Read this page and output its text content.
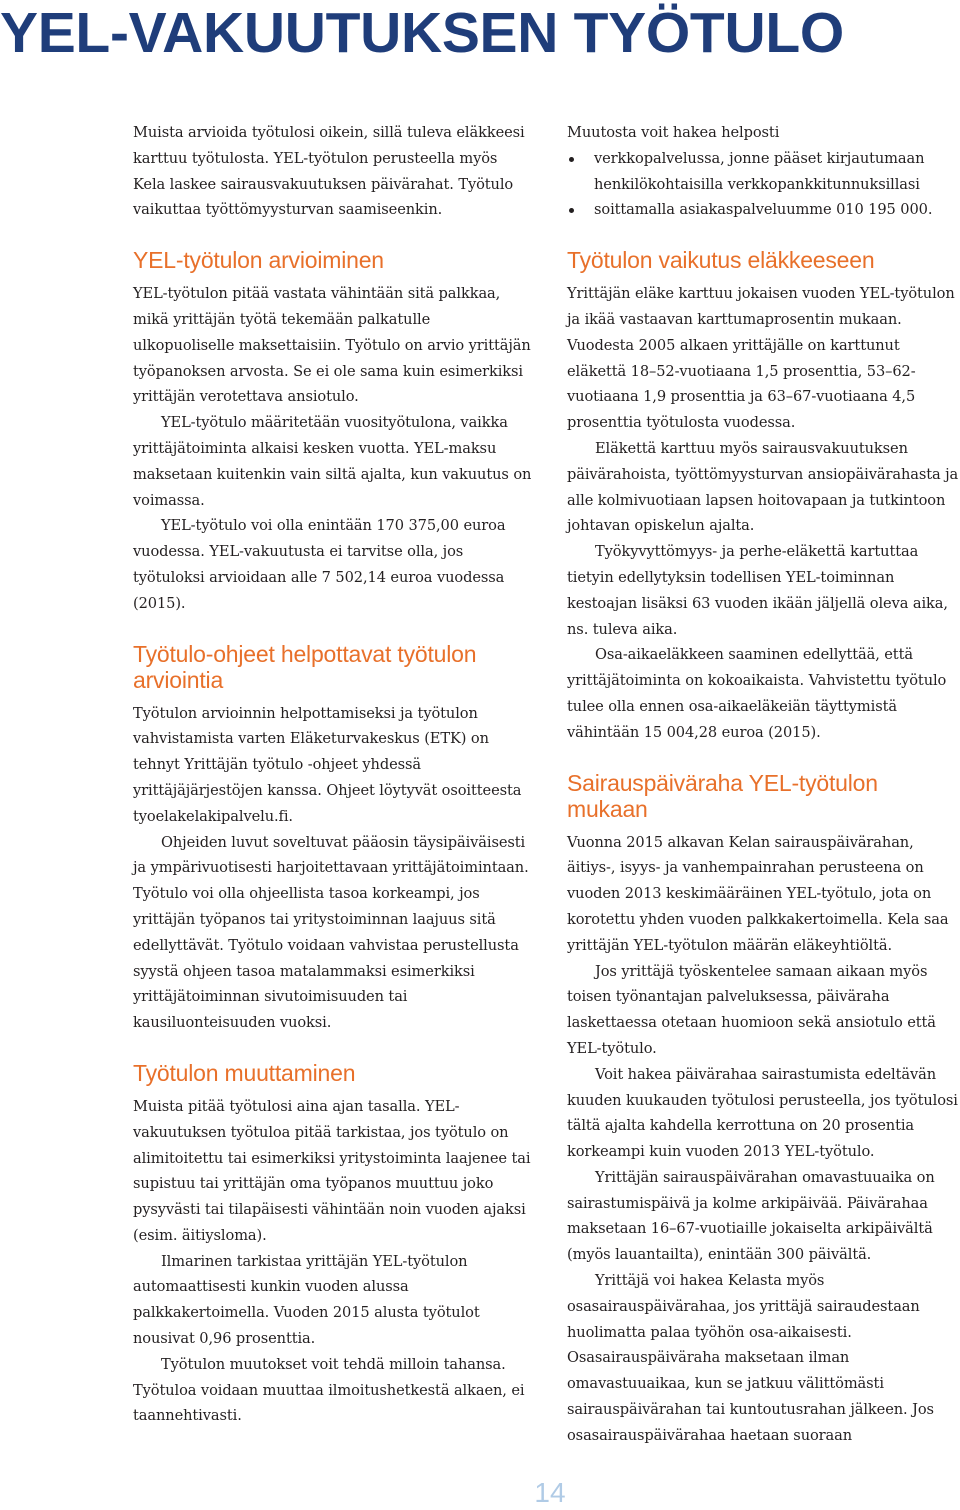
YEL-VAKUUTUKSEN TYÖTULO

Muista arvioida työtulosi oikein, sillä tuleva eläkkeesi karttuu työtulosta. YEL-työtulon perusteella myös Kela laskee sairausvakuutuksen päivärahat. Työtulo vaikuttaa työttömyysturvan saamiseenkin.

YEL-työtulon arvioiminen

YEL-työtulon pitää vastata vähintään sitä palkkaa, mikä yrittäjän työtä tekemään palkatulle ulkopuoliselle maksettaisiin. Työtulo on arvio yrittäjän työpanoksen arvosta. Se ei ole sama kuin esimerkiksi yrittäjän verotettava ansiotulo.

YEL-työtulo määritetään vuosityötulona, vaikka yrittäjätoiminta alkaisi kesken vuotta. YEL-maksu maksetaan kuitenkin vain siltä ajalta, kun vakuutus on voimassa.

YEL-työtulo voi olla enintään 170 375,00 euroa vuodessa. YEL-vakuutusta ei tarvitse olla, jos työtuloksi arvioidaan alle 7 502,14 euroa vuodessa (2015).

Työtulo-ohjeet helpottavat työtulon arviointia

Työtulon arvioinnin helpottamiseksi ja työtulon vahvistamista varten Eläketurvakeskus (ETK) on tehnyt Yrittäjän työtulo -ohjeet yhdessä yrittäjäjärjestöjen kanssa. Ohjeet löytyvät osoitteesta tyoelakelakipalvelu.fi.

Ohjeiden luvut soveltuvat pääosin täysipäiväisesti ja ympärivuotisesti harjoitettavaan yrittäjätoimintaan. Työtulo voi olla ohjeellista tasoa korkeampi, jos yrittäjän työpanos tai yritystoiminnan laajuus sitä edellyttävät. Työtulo voidaan vahvistaa perustellusta syystä ohjeen tasoa matalammaksi esimerkiksi yrittäjätoiminnan sivutoimisuuden tai kausiluonteisuuden vuoksi.

Työtulon muuttaminen

Muista pitää työtulosi aina ajan tasalla. YEL-vakuutuksen työtuloa pitää tarkistaa, jos työtulo on alimitoitettu tai esimerkiksi yritystoiminta laajenee tai supistuu tai yrittäjän oma työpanos muuttuu joko pysyvästi tai tilapäisesti vähintään noin vuoden ajaksi (esim. äitiysloma).

Ilmarinen tarkistaa yrittäjän YEL-työtulon automaattisesti kunkin vuoden alussa palkkakertoimella. Vuoden 2015 alusta työtulot nousivat 0,96 prosenttia.

Työtulon muutokset voit tehdä milloin tahansa. Työtuloa voidaan muuttaa ilmoitushetkestä alkaen, ei taannehtivasti.

Muutosta voit hakea helposti

verkkopalvelussa, jonne pääset kirjautumaan henkilökohtaisilla verkkopankkitunnuksillasi
soittamalla asiakaspalveluumme 010 195 000.
Työtulon vaikutus eläkkeeseen

Yrittäjän eläke karttuu jokaisen vuoden YEL-työtulon ja ikää vastaavan karttumaprosentin mukaan. Vuodesta 2005 alkaen yrittäjälle on karttunut eläkettä 18–52-vuotiaana 1,5 prosenttia, 53–62-vuotiaana 1,9 prosenttia ja 63–67-vuotiaana 4,5 prosenttia työtulosta vuodessa.

Eläkettä karttuu myös sairausvakuutuksen päivärahoista, työttömyysturvan ansiopäivärahasta ja alle kolmivuotiaan lapsen hoitovapaan ja tutkintoon johtavan opiskelun ajalta.

Työkyvyttömyys- ja perhe-eläkettä kartuttaa tietyin edellytyksin todellisen YEL-toiminnan kestoajan lisäksi 63 vuoden ikään jäljellä oleva aika, ns. tuleva aika.

Osa-aikaeläkkeen saaminen edellyttää, että yrittäjätoiminta on kokoaikaista. Vahvistettu työtulo tulee olla ennen osa-aikaeläkeiän täyttymistä vähintään 15 004,28 euroa (2015).

Sairauspäiväraha YEL-työtulon mukaan

Vuonna 2015 alkavan Kelan sairauspäivärahan, äitiys-, isyys- ja vanhempainrahan perusteena on vuoden 2013 keskimääräinen YEL-työtulo, jota on korotettu yhden vuoden palkkakertoimella. Kela saa yrittäjän YEL-työtulon määrän eläkeyhtiöltä.

Jos yrittäjä työskentelee samaan aikaan myös toisen työnantajan palveluksessa, päiväraha laskettaessa otetaan huomioon sekä ansiotulo että YEL-työtulo.

Voit hakea päivärahaa sairastumista edeltävän kuuden kuukauden työtulosi perusteella, jos työtulosi tältä ajalta kahdella kerrottuna on 20 prosentia korkeampi kuin vuoden 2013 YEL-työtulo.

Yrittäjän sairauspäivärahan omavastuuaika on sairastumispäivä ja kolme arkipäivää. Päivärahaa maksetaan 16–67-vuotiaille jokaiselta arkipäivältä (myös lauantailta), enintään 300 päivältä.

Yrittäjä voi hakea Kelasta myös osasairauspäivärahaa, jos yrittäjä sairaudestaan huolimatta palaa työhön osa-aikaisesti. Osasairauspäiväraha maksetaan ilman omavastuuaikaa, kun se jatkuu välittömästi sairauspäivärahan tai kuntoutusrahan jälkeen. Jos osasairauspäivärahaa haetaan suoraan

14
